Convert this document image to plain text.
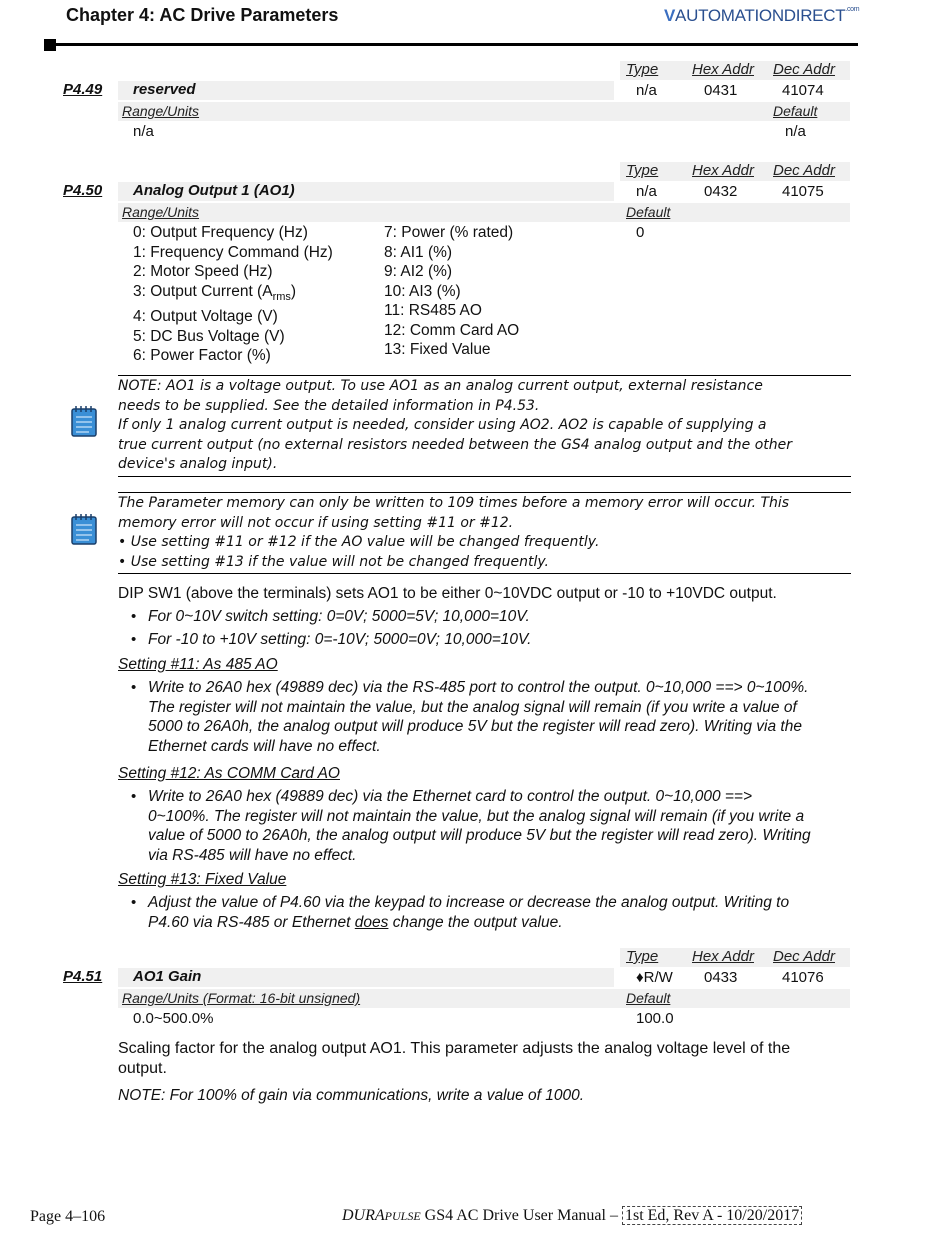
Chapter 4: AC Drive Parameters	$VAUTOMATIONDIRECT^{.com}$
Type Hex Addr Dec Addr
P4.49 reserved	n/a	0431	41074
Range/Units	Default
n/a	n/a
Type Hex Addr Dec Addr
P4.50 Analog Output 1 (AO1)	n/a	0432	41075
Range/Units	Default
0
0: Output Frequency (Hz)
1: Frequency Command (Hz)
2: Motor Speed (Hz)
3: Output Current $(A_{rms})$
4: Output Voltage (V)
5: DC Bus Voltage (V)
6: Power Factor (%)
7: Power (% rated)
8: AI1 (%)
9: AI2 (%)
10: AI3 (%)
11: RS485 AO
12: Comm Card AO
13: Fixed Value
NOTE: AO1 is a voltage output. To use AO1 as an analog current output, external resistance
needs to be supplied. See the detailed information in P4.53.
If only 1 analog current output is needed, consider using AO2. AO2 is capable of supplying a
true current output (no external resistors needed between the GS4 analog output and the other
device's analog input).
The Parameter memory can only be written to 109 times before a memory error will occur. This
memory error will not occur if using setting #11 or #12.
• Use setting #11 or #12 if the AO value will be changed frequently.
• Use setting #13 if the value will not be changed frequently.
DIP SW1 (above the terminals) sets AO1 to be either 0~10VDC output or -10 to +10VDC output.
• For 0~10V switch setting: 0=0V; 5000=5V; 10,000=10V.
• For -10 to +10V setting: 0=-10V; 5000=0V; 10,000=10V.
Setting #11: As 485 AO
• Write to 26A0 hex (49889 dec) via the RS-485 port to control the output. 0~10,000 ==> 0~100%.
The register will not maintain the value, but the analog signal will remain (if you write a value of
5000 to 26A0h, the analog output will produce 5V but the register will read zero). Writing via the
Ethernet cards will have no effect.
Setting #12: As COMM Card AO
• Write to 26A0 hex (49889 dec) via the Ethernet card to control the output. 0~10,000 ==>
0~100%. The register will not maintain the value, but the analog signal will remain (if you write a
value of 5000 to 26A0h, the analog output will produce 5V but the register will read zero). Writing
via RS-485 will have no effect.
Setting #13: Fixed Value
• Adjust the value of P4.60 via the keypad to increase or decrease the analog output. Writing to
P4.60 via RS-485 or Ethernet does change the output value.
Type Hex Addr Dec Addr
P4.51 AO1 Gain	♦R/W 0433	41076
Range/Units (Format: 16-bit unsigned)	Default
0.0~500.0%	100.0
Scaling factor for the analog output AO1. This parameter adjusts the analog voltage level of the
output.
NOTE: For 100% of gain via communications, write a value of 1000.
Page 4–106	DURAPULSE GS4 AC Drive User Manual – 1st Ed, Rev A - 10/20/2017
